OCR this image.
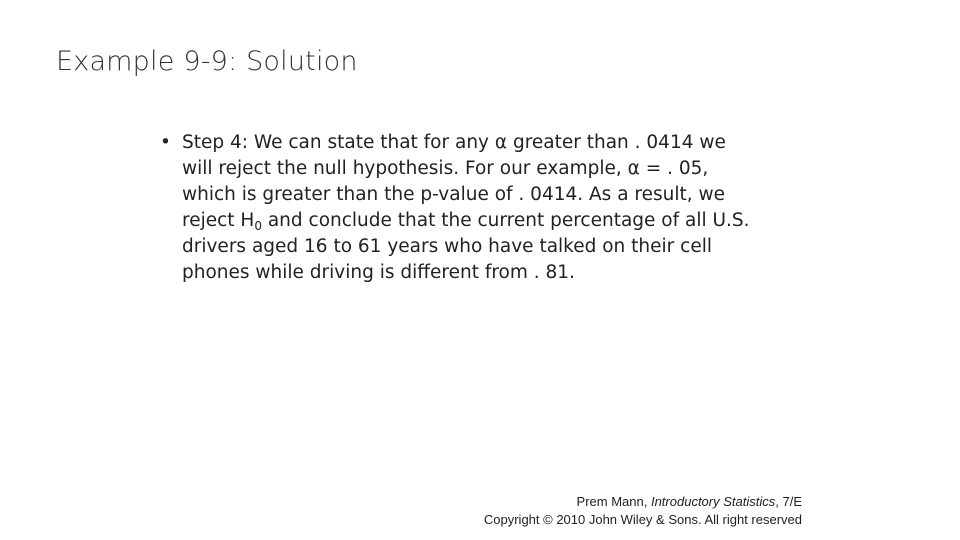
Example 9-9: Solution
• Step 4: We can state that for any α greater than . 0414 we
will reject the null hypothesis. For our example, α = . 05,
which is greater than the p-value of . 0414. As a result, we
reject $H_0$ and conclude that the current percentage of all U.S.
drivers aged 16 to 61 years who have talked on their cell
phones while driving is different from . 81.
Prem Mann, Introductory Statistics, 7/E
Copyright © 2010 John Wiley & Sons. All right reserved
